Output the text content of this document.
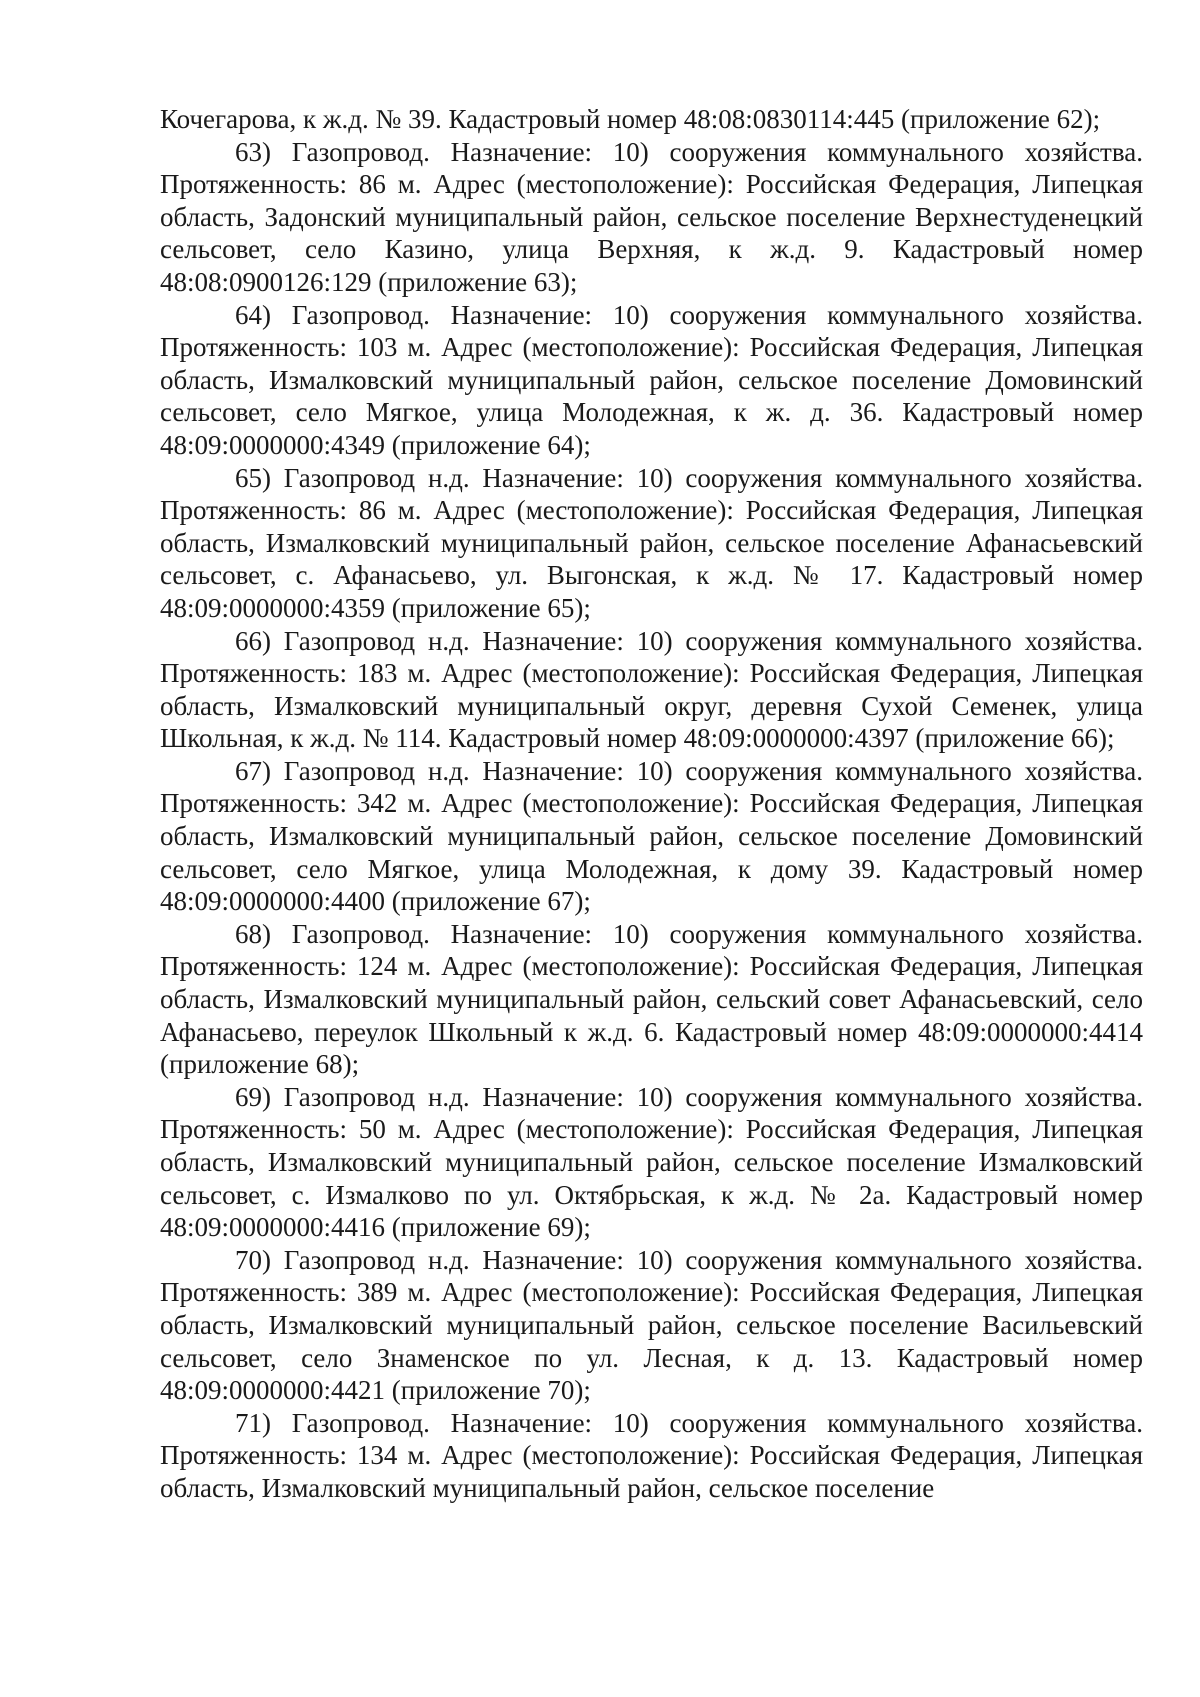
Кочегарова, к ж.д. № 39. Кадастровый номер 48:08:0830114:445 (приложение 62);

63) Газопровод. Назначение: 10) сооружения коммунального хозяйства. Протяженность: 86 м. Адрес (местоположение): Российская Федерация, Липецкая область, Задонский муниципальный район, сельское поселение Верхнестуденецкий сельсовет, село Казино, улица Верхняя, к ж.д. 9. Кадастровый номер 48:08:0900126:129 (приложение 63);

64) Газопровод. Назначение: 10) сооружения коммунального хозяйства. Протяженность: 103 м. Адрес (местоположение): Российская Федерация, Липецкая область, Измалковский муниципальный район, сельское поселение Домовинский сельсовет, село Мягкое, улица Молодежная, к ж. д. 36. Кадастровый номер 48:09:0000000:4349 (приложение 64);

65) Газопровод н.д. Назначение: 10) сооружения коммунального хозяйства. Протяженность: 86 м. Адрес (местоположение): Российская Федерация, Липецкая область, Измалковский муниципальный район, сельское поселение Афанасьевский сельсовет, с. Афанасьево, ул. Выгонская, к ж.д. № 17. Кадастровый номер 48:09:0000000:4359 (приложение 65);

66) Газопровод н.д. Назначение: 10) сооружения коммунального хозяйства. Протяженность: 183 м. Адрес (местоположение): Российская Федерация, Липецкая область, Измалковский муниципальный округ, деревня Сухой Семенек, улица Школьная, к ж.д. № 114. Кадастровый номер 48:09:0000000:4397 (приложение 66);

67) Газопровод н.д. Назначение: 10) сооружения коммунального хозяйства. Протяженность: 342 м. Адрес (местоположение): Российская Федерация, Липецкая область, Измалковский муниципальный район, сельское поселение Домовинский сельсовет, село Мягкое, улица Молодежная, к дому 39. Кадастровый номер 48:09:0000000:4400 (приложение 67);

68) Газопровод. Назначение: 10) сооружения коммунального хозяйства. Протяженность: 124 м. Адрес (местоположение): Российская Федерация, Липецкая область, Измалковский муниципальный район, сельский совет Афанасьевский, село Афанасьево, переулок Школьный к ж.д. 6. Кадастровый номер 48:09:0000000:4414 (приложение 68);

69) Газопровод н.д. Назначение: 10) сооружения коммунального хозяйства. Протяженность: 50 м. Адрес (местоположение): Российская Федерация, Липецкая область, Измалковский муниципальный район, сельское поселение Измалковский сельсовет, с. Измалково по ул. Октябрьская, к ж.д. № 2а. Кадастровый номер 48:09:0000000:4416 (приложение 69);

70) Газопровод н.д. Назначение: 10) сооружения коммунального хозяйства. Протяженность: 389 м. Адрес (местоположение): Российская Федерация, Липецкая область, Измалковский муниципальный район, сельское поселение Васильевский сельсовет, село Знаменское по ул. Лесная, к д. 13. Кадастровый номер 48:09:0000000:4421 (приложение 70);

71) Газопровод. Назначение: 10) сооружения коммунального хозяйства. Протяженность: 134 м. Адрес (местоположение): Российская Федерация, Липецкая область, Измалковский муниципальный район, сельское поселение
